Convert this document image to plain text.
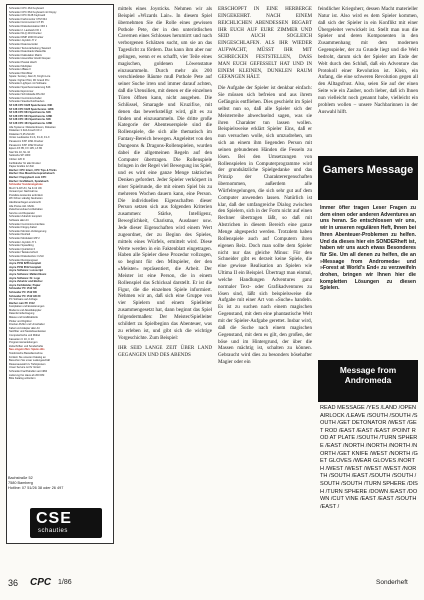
Schneider CPC 464 Keyboard
Schneider CPC 664 Keyboard mit Floppy
Schneider CPC 6128 Keyboard
Schneider Farbmonitor CTM 644
Schneider Grünmonitor GT 65
Schneider Diskettenstation DDI 1
Schneider 2. Laufwerk FD 1
Schneider NLQ 401 Drucker
Schneider DMP 2000 Drucker
Schneider Joystick JY 2
Schneider Datenrecorder
Schneider Textverarbeitung Tasword
Schneider Datenbank Masterfile
Schneider Kalkulation Matrix
Schneider Assembler Hisoft Devpac
Schneider Pascal Hisoft
Schneider Multiplan
Schneider dBase II
Schneider WordStar
Spiele: Sorcery, Alien 8, Knight Lore
Spiele: Fighter Pilot, 3D Grand Prix
Schneider Lightpen mit Software
Schneider Speichererweiterung 64K
Schneider Eprommer
Schneider Schnittstelle RS 232
Schneider Centronics-Kabel
Schneider Staubschutzhauben
SF 128 CPC 6128 Speichererw. 64K
SF 128 CPC 6128 Speichererw. 128K
SF 128 CPC 664 Speichererw. 64K
SF 128 CPC 664 Speichererw. 128K
SF 128 CPC 464 Speichererw. 64K
SF 128 CPC 464 Speichererw. 128K
Alle Systeme: Diskettenboxen, Disketten
Disketten 3 Zoll Amsoft CF 2
Disketten 5,25 Zoll 2D
Vortex Laufwerke F1-S, F1-D, F1-X
Panasonic KXP 1091 Drucker
Panasonic KXP 1092 Drucker
Epson FX 85, FX 105, LX 80
Star SG 10, NL 10
Seikosha SP 1000
Citizen 120 D
Farbbänder für alle Drucker
Papier Endlos 12 Zoll
Bücher: CPC Intern, CPC Tips & Tricks
Bücher: Das Maschinensprachebuch
Bücher: Floppybuch zum CPC
Bücher: Grafikbuch, Spielebuch
Schneider Sonderangebote
Mo-Fr 9-18 Uhr, Sa 9-13 Uhr
Versand per Nachnahme
Preisliste kostenlos anfordern
Wir führen ständig Neuheiten
Händleranfragen erwünscht
Alle Preise inkl. MwSt.
Zwischenverkauf vorbehalten
Service und Reparatur
Schneider Zubehör komplett
Software aller Art
Schneider Centronics-Interface
Schneider Floppy-Kabel
Schneider Monitor-Verlängerung
Schneider Netzteil
Schneider Modulator MP 2
Schneider Joystick JY 1
Schneider Speedking
Schneider Quickshot II
Schneider Tastaturschutz
Schneider Diskettenbox 3 Zoll
Schneider Reinigungsset
Joyce PCW 8256 komplett
Joyce PCW 8512 komplett
Joyce Software: Locoscript
Joyce Software: Mallard Basic
Joyce Software: Dr. Logo
Joyce Zubehör und Bücher
Joyce Farbbänder, Papier
Schneider PC 1512 SD
Schneider PC 1512 DD
Schneider PC 1512 HD 20
PC Software auf Anfrage
Bücher zum PC 1512
Festplatten und Erweiterungen
Modems und Akustikkoppler
Datenfernübertragung
Mäuse und Grafiktabletts
Plotter und Digitizer
Drucker-Puffer und Umschalter
Kabel und Adapter aller Art
Netzfilter und Steckdosenleisten
Computertische und Möbel
Kassetten C 10, C 20
Programmieranleitungen
Zeitschriften und Sonderhefte
Neu eingetroffen: Spiele-Hits
Telefonische Bestellannahme
Fordern Sie unseren Katalog an
Besuchen Sie unser Ladengeschäft
Riesenauswahl zu Tiefstpreisen
Unser Service ist Ihr Vorteil
Schneider Fachhändler seit 1984
Lieferung frei Haus ab 200 DM
Bitte Katalog anfordern
Bachstraße 52
7580 Bamberg
Hotline: 07 51/26 38 oder 26 497
CSE
schauties

mittels eines Joysticks. Nehmen wir als Beispiel »Wizards Lair«. In diesem Spiel übernehmen Sie die Rolle eines gewissen Pothole Pete, der in den unterirdischen Cavernen eines Schlosses herumirrt und nach verborgenen Schätzen sucht, um sie an das Tageslicht zu fördern. Das kann ihm aber nur gelingen, wenn er es schafft, vier Teile eines magischen, goldenen Löwenstatue einzusammeln. Durch mehr als 200 verschiedene Räume muß Pothole Pete auf seiner Suche irren und immer darauf achten, daß die Utensilien, mit denen er die einzelnen Türen öffnen kann, nicht ausgehen. Die Schlüssel, Smaragde und Kruzifixe, mit denen das bewerkstelligt wird, gilt es zu finden und einzusammeln. Die dritte große Kategorie der Abenteuerspiele sind die Rollenspiele, die sich alle thematisch im Fantasy-Bereich bewegen. Angeleitet von den Dungeons & Dragons-Rollenspielen, wurden dabei die allgemeinen Regeln auf den Computer übertragen. Die Rollenspiele bringen in der Regel viel Bewegung ins Spiel, und es wird eine ganze Menge taktisches Denken gefordert. Jeder Spieler verkörpert in einer Spielrunde, die mit einem Spiel bis zu mehreren Wochen dauern kann, eine Person. Die individuellen Eigenschaften dieser Person setzen sich aus folgenden Kriterien zusammen: Stärke, Intelligenz, Beweglichkeit, Charisma, Ausdauer usw. Jede dieser Eigenschaften wird einem Wert zugeordnet, der zu Beginn des Spieles, mittels eines Würfels, ermittelt wird. Diese Werte werden in ein Faktenblatt eingetragen. Haben alle Spieler diese Prozedur vollzogen, so beginnt für den Mitspieler, der den »Meister« repräsentiert, die Arbeit. Der Meister ist eine Person, die in einem Rollenspiel das Schicksal darstellt. Er ist die Figur, die die einzelnen Spiele informiert. Nehmen wir an, daß sich eine Gruppe von vier Spielern und einem Spielleiter zusammengesetzt hat, dann beginnt das Spiel folgendermaßen: Der Meister/Spielleiter schildert zu Spielbeginn das Abenteuer, was zu erleben ist, und gibt sich die wichtige Vorgeschichte. Zum Beispiel:

IHR SEID LANGE ZEIT ÜBER LAND GEGANGEN UND DES ABENDS

ERSCHÖPFT IN EINE HERBERGE EINGEKEHRT. NACH EINEM REICHLICHEN ABENDESSEN BEGABT IHR EUCH AUF EURE ZIMMER UND SEID AUCH SOGLEICH EINGESCHLAFEN. ALS IHR WIEDER AUFWACHT, MÜSST IHR MIT SCHRECKEN FESTSTELLEN, DASS MAN EUCH GEFESSELT HAT UND IN EINEM KLEINEN, DUNKLEN RAUM GEFANGEN HÄLT.

Die Aufgabe der Spieler ist denkbar einfach: Sie müssen sich befreien und aus ihrem Gefängnis entfliehen. Dies geschieht im Spiel selbst nun so, daß alle Spieler sich der Meisterreihe abwechselnd sagen, was sie ihren Charakter tun lassen wollen. Beispielsweise erklärt Spieler Eins, daß er nun versuchen wolle, sich umzudrehen, um sich an einem ihm liegenden Person mit seinen gebundenen Händen die Fesseln zu lösen. Bei den Umsetzungen von Rollenspielen in Computerprogramme wird der grundsätzliche Spielgedanke und das Prinzip der Charakterergenschaften übernommen, außerdem alle Würfelregelungen, die sich sehr gut auf dem Computer anwenden lassen. Natürlich ist klar, daß der umfangreiche Dialog zwischen den Spielern, sich in der Form nicht auf einen Rechner übertragen läßt, so daß mit Abstrichen in diesem Bereich eine ganze Menge abgespeckt werden. Trotzdem haben Rollenspiele auch auf Computern ihren eigenen Reiz. Doch man sollte dem Spieler nicht nur das gleiche Minus: Für den Schneider gibt es derzeit keine Spiele, die eine gewisse Realisation an Spielen wie Ultima II ein Beispiel. Übertragt man einmal, welche Handlungen Adventures ganz normaler Text- oder Grafikadventures zu lösen sind, läßt sich beispielsweise die Aufgabe mit einer Art von »Suche« handeln. Es ist zu suchen nach einem magischen Gegenstand, mit dem eine phantastische Welt mit der Spieler-Aufgabe gerettet. Insbar wird, daß die Suche nach einem magischen Gegenstand, mit dem es gilt, den großen, der böse und im Hintergrund, der über die Massen mächtig ist, schalten zu können. Gebraucht wird dies zu besonders bösehafter Magier oder ein

feindlicher Kriegsherr, dessen Macht materieller Natur ist. Also wird es dem Spieler kommen, daß sich der Spieler in ein Konflikt mit einer Übergeleitet verwickelt ist. Stellt man nun die Spieler und deren Komponenten in den Zusammenhang mit dem modernen Gegenspieler, der zu Grunde liegt und die Welt bedroht, darum sich der Spieler am Ende der Welt durch den Schluß, daß ein Adventure das Protokoll einer Revolution ist. Klein, ein Anfang, die eine schweren Revolution gegen all den Alltagsfrust. Also, seien Sie auf der einen Seite wie ein Zauber, noch lieber, daß ich Ihnen nun vielleicht noch genannt habe, vielleicht ein problem wollen – unsere Nachbarinnen in der Auswahl hilft.

Gamers Message
Immer öfter tragen Leser Fragen zu dem einen oder anderen Adventures an uns heran. So entschlossen wir uns, wir in unseren regulären Heft, Ihnen bei Ihren Abenteuer-Problemen zu helfen. Und da dieses hier ein SONDERheft ist, haben wir uns auch etwas Besonderes für Sie. Um all denen zu helfen, die an »Message from Andromeda« und »Forest at World's End« zu verzweifeln drohen, bringen wir Ihnen hier die kompletten Lösungen zu diesen Spielen.
Message from Andromeda
READ MESSAGE /YES /LAND /OPEN AIRLOCK /LEAVE /SOUTH /SOUTH /SOUTH /GET DETONATOR /WEST /GET ROD /EAST /EAST /EAST /POINT ROD AT PLATE /SOUTH /TURN SPHERE /EAST /NORTH /NORTH /NORTH /NORTH /GET KNIFE /WEST /NORTH /GET GLOVES /WEAR GLOVES /NORTH /WEST /WEST /WEST /WEST /NORTH /SOUTH /EAST /SOUTH /SOUTH /SOUTH /SOUTH /TURN SPHERE /DISH /TURN SPHERE /DOWN /EAST /DOWN /CUT VINE /EAST /EAST /SOUTH /EAST /
36 CPC 1/86	Sonderheft
